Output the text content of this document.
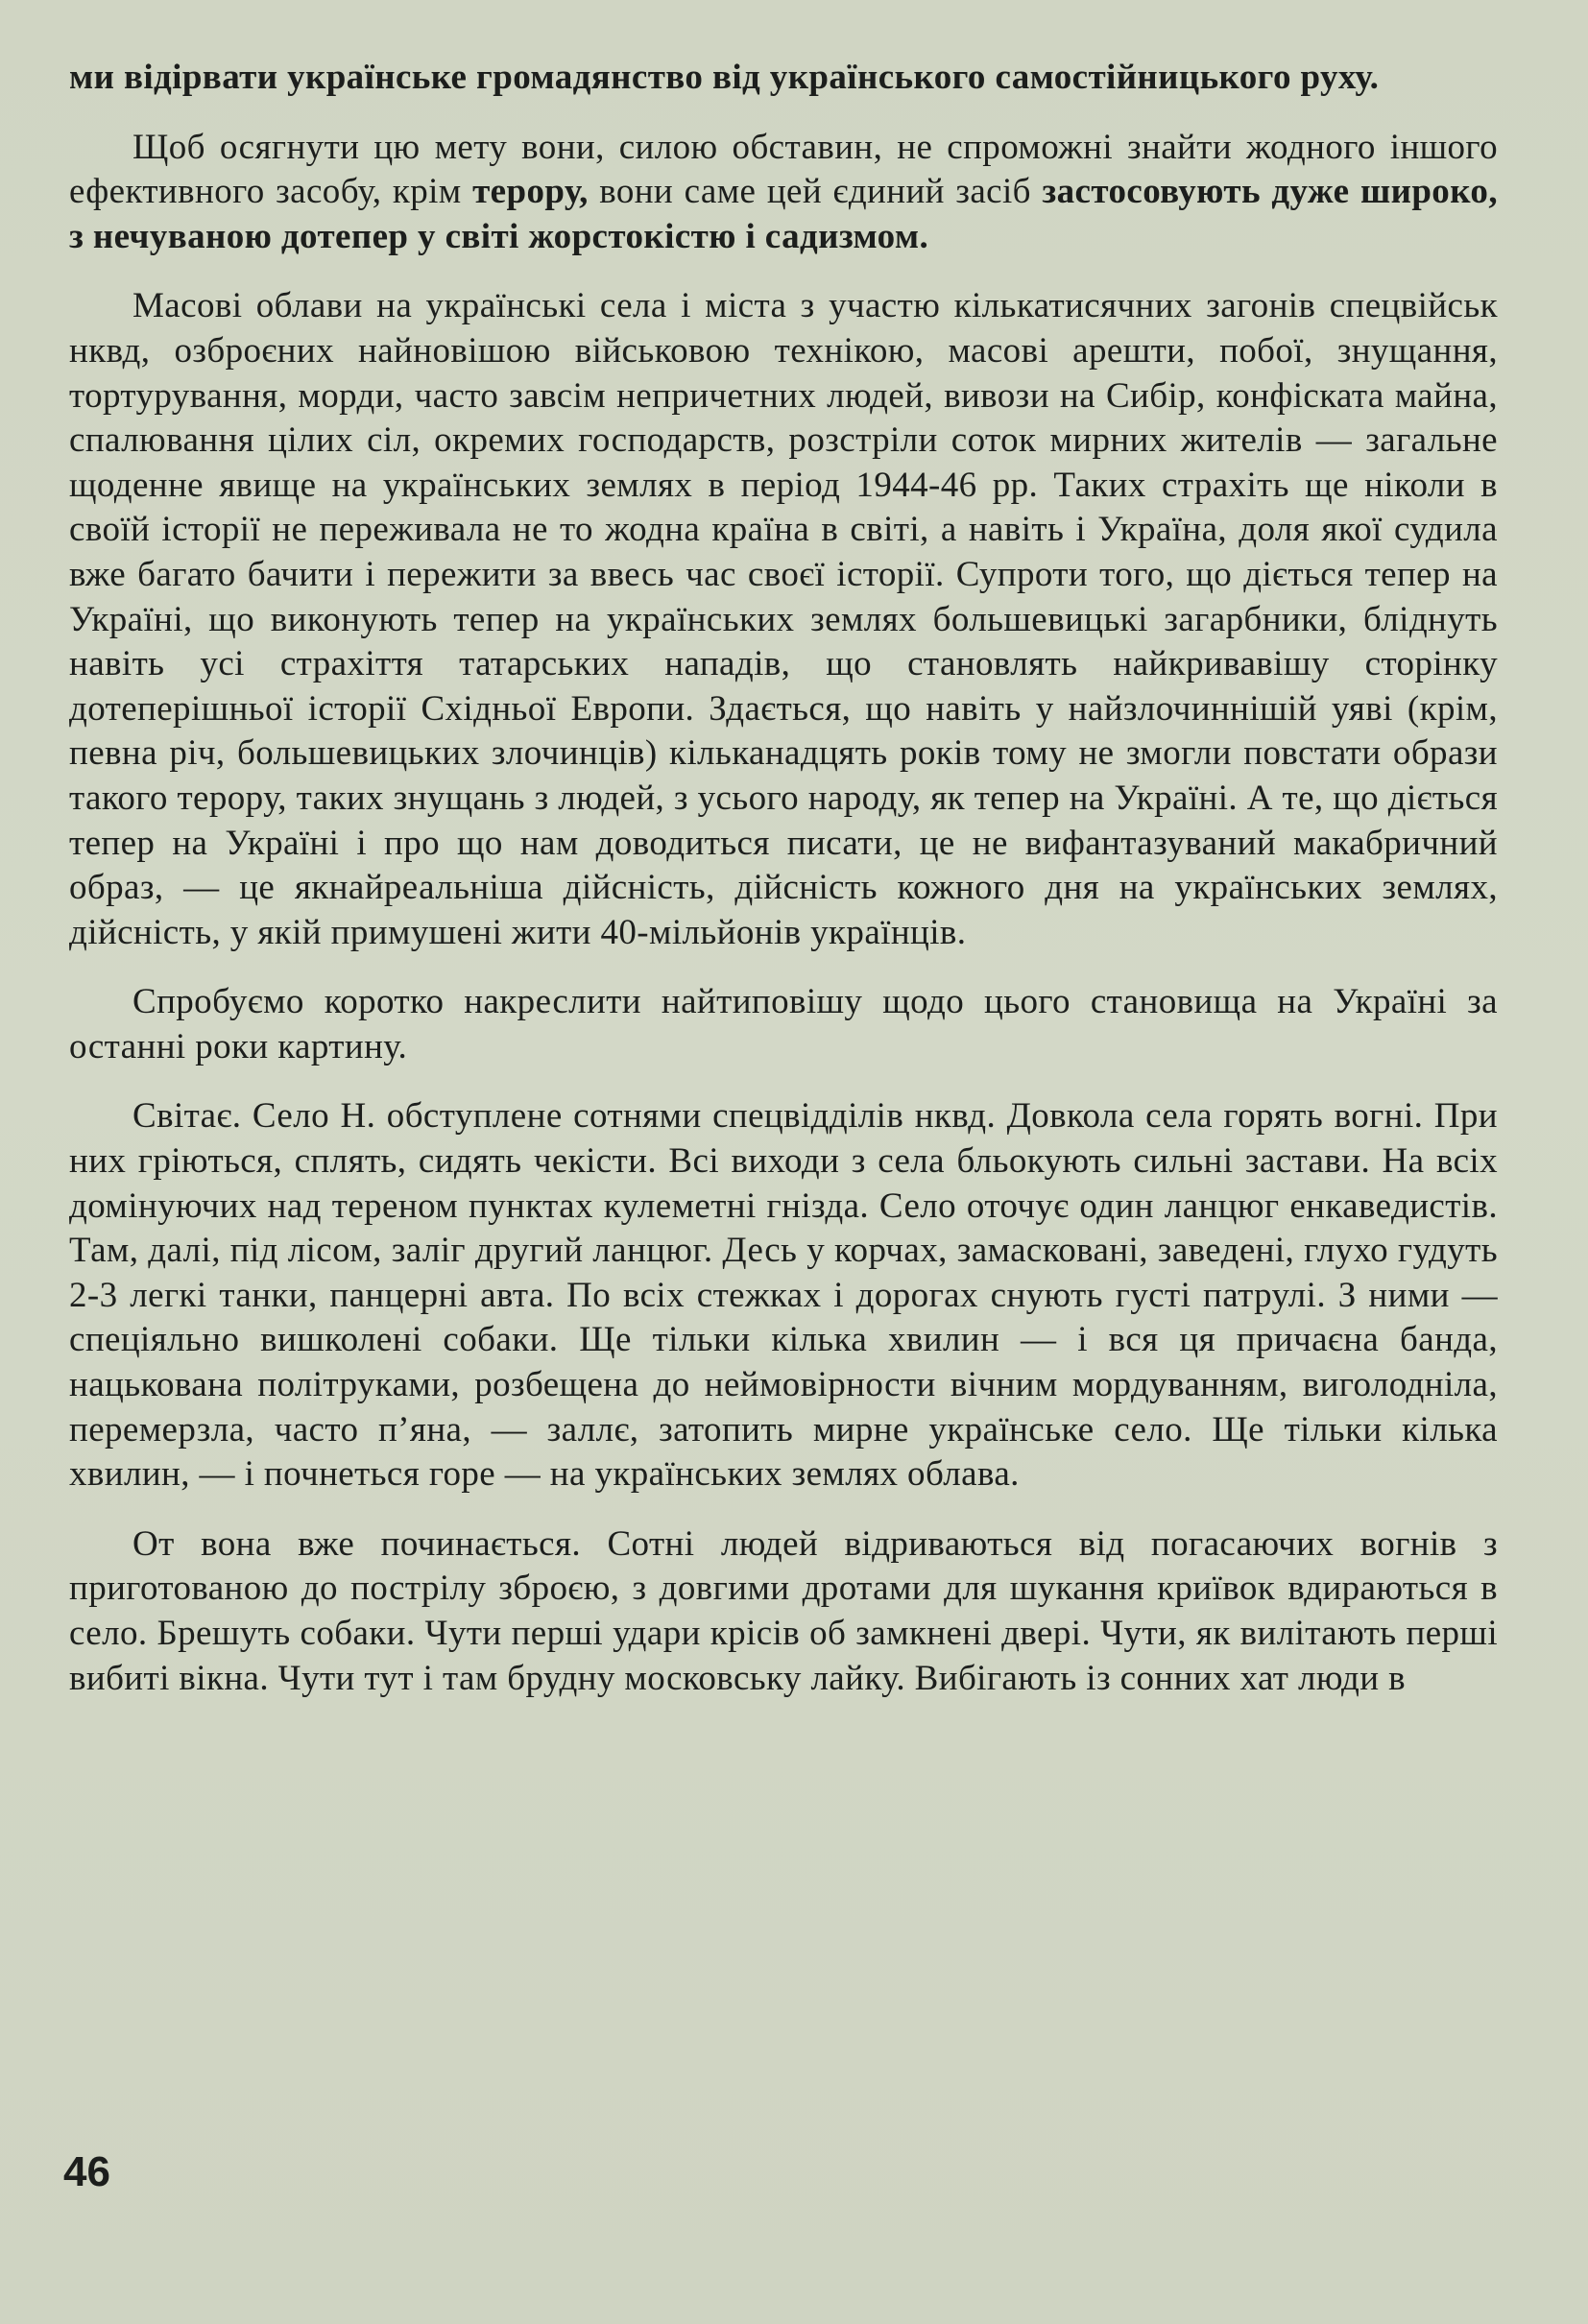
ми відірвати українське громадянство від українського самостійницького руху.

Щоб осягнути цю мету вони, силою обставин, не спроможні знайти жодного іншого ефективного засобу, крім терору, вони саме цей єдиний засіб застосовують дуже широко, з нечуваною дотепер у світі жорстокістю і садизмом.

Масові облави на українські села і міста з участю кількатисячних загонів спецвійськ нквд, озброєних найновішою військовою технікою, масові арешти, побої, знущання, тортурування, морди, часто завсім непричетних людей, вивози на Сибір, конфіската майна, спалювання цілих сіл, окремих господарств, розстріли соток мирних жителів — загальне щоденне явище на українських землях в період 1944-46 рр. Таких страхіть ще ніколи в своїй історії не переживала не то жодна країна в світі, а навіть і Україна, доля якої судила вже багато бачити і пережити за ввесь час своєї історії. Супроти того, що діється тепер на Україні, що виконують тепер на українських землях большевицькі загарбники, бліднуть навіть усі страхіття татарських нападів, що становлять найкривавішу сторінку дотеперішньої історії Східньої Европи. Здається, що навіть у найзлочиннішій уяві (крім, певна річ, большевицьких злочинців) кільканадцять років тому не змогли повстати образи такого терору, таких знущань з людей, з усього народу, як тепер на Україні. А те, що діється тепер на Україні і про що нам доводиться писати, це не вифантазуваний макабричний образ, — це якнайреальніша дійсність, дійсність кожного дня на українських землях, дійсність, у якій примушені жити 40-мільйонів українців.

Спробуємо коротко накреслити найтиповішу щодо цього становища на Україні за останні роки картину.

Світає. Село Н. обступлене сотнями спецвідділів нквд. Довкола села горять вогні. При них гріються, сплять, сидять чекісти. Всі виходи з села бльокують сильні застави. На всіх домінуючих над тереном пунктах кулеметні гнізда. Село оточує один ланцюг енкаведистів. Там, далі, під лісом, заліг другий ланцюг. Десь у корчах, замасковані, заведені, глухо гудуть 2-3 легкі танки, панцерні авта. По всіх стежках і дорогах снують густі патрулі. З ними — спеціяльно вишколені собаки. Ще тільки кілька хвилин — і вся ця причаєна банда, нацькована політруками, розбещена до неймовірности вічним мордуванням, виголодніла, перемерзла, часто п’яна, — заллє, затопить мирне українське село. Ще тільки кілька хвилин, — і почнеться горе — на українських землях облава.

От вона вже починається. Сотні людей відриваються від погасаючих вогнів з приготованою до пострілу зброєю, з довгими дротами для шукання криївок вдираються в село. Брешуть собаки. Чути перші удари крісів об замкнені двері. Чути, як вилітають перші вибиті вікна. Чути тут і там брудну московську лайку. Вибігають із сонних хат люди в

46
